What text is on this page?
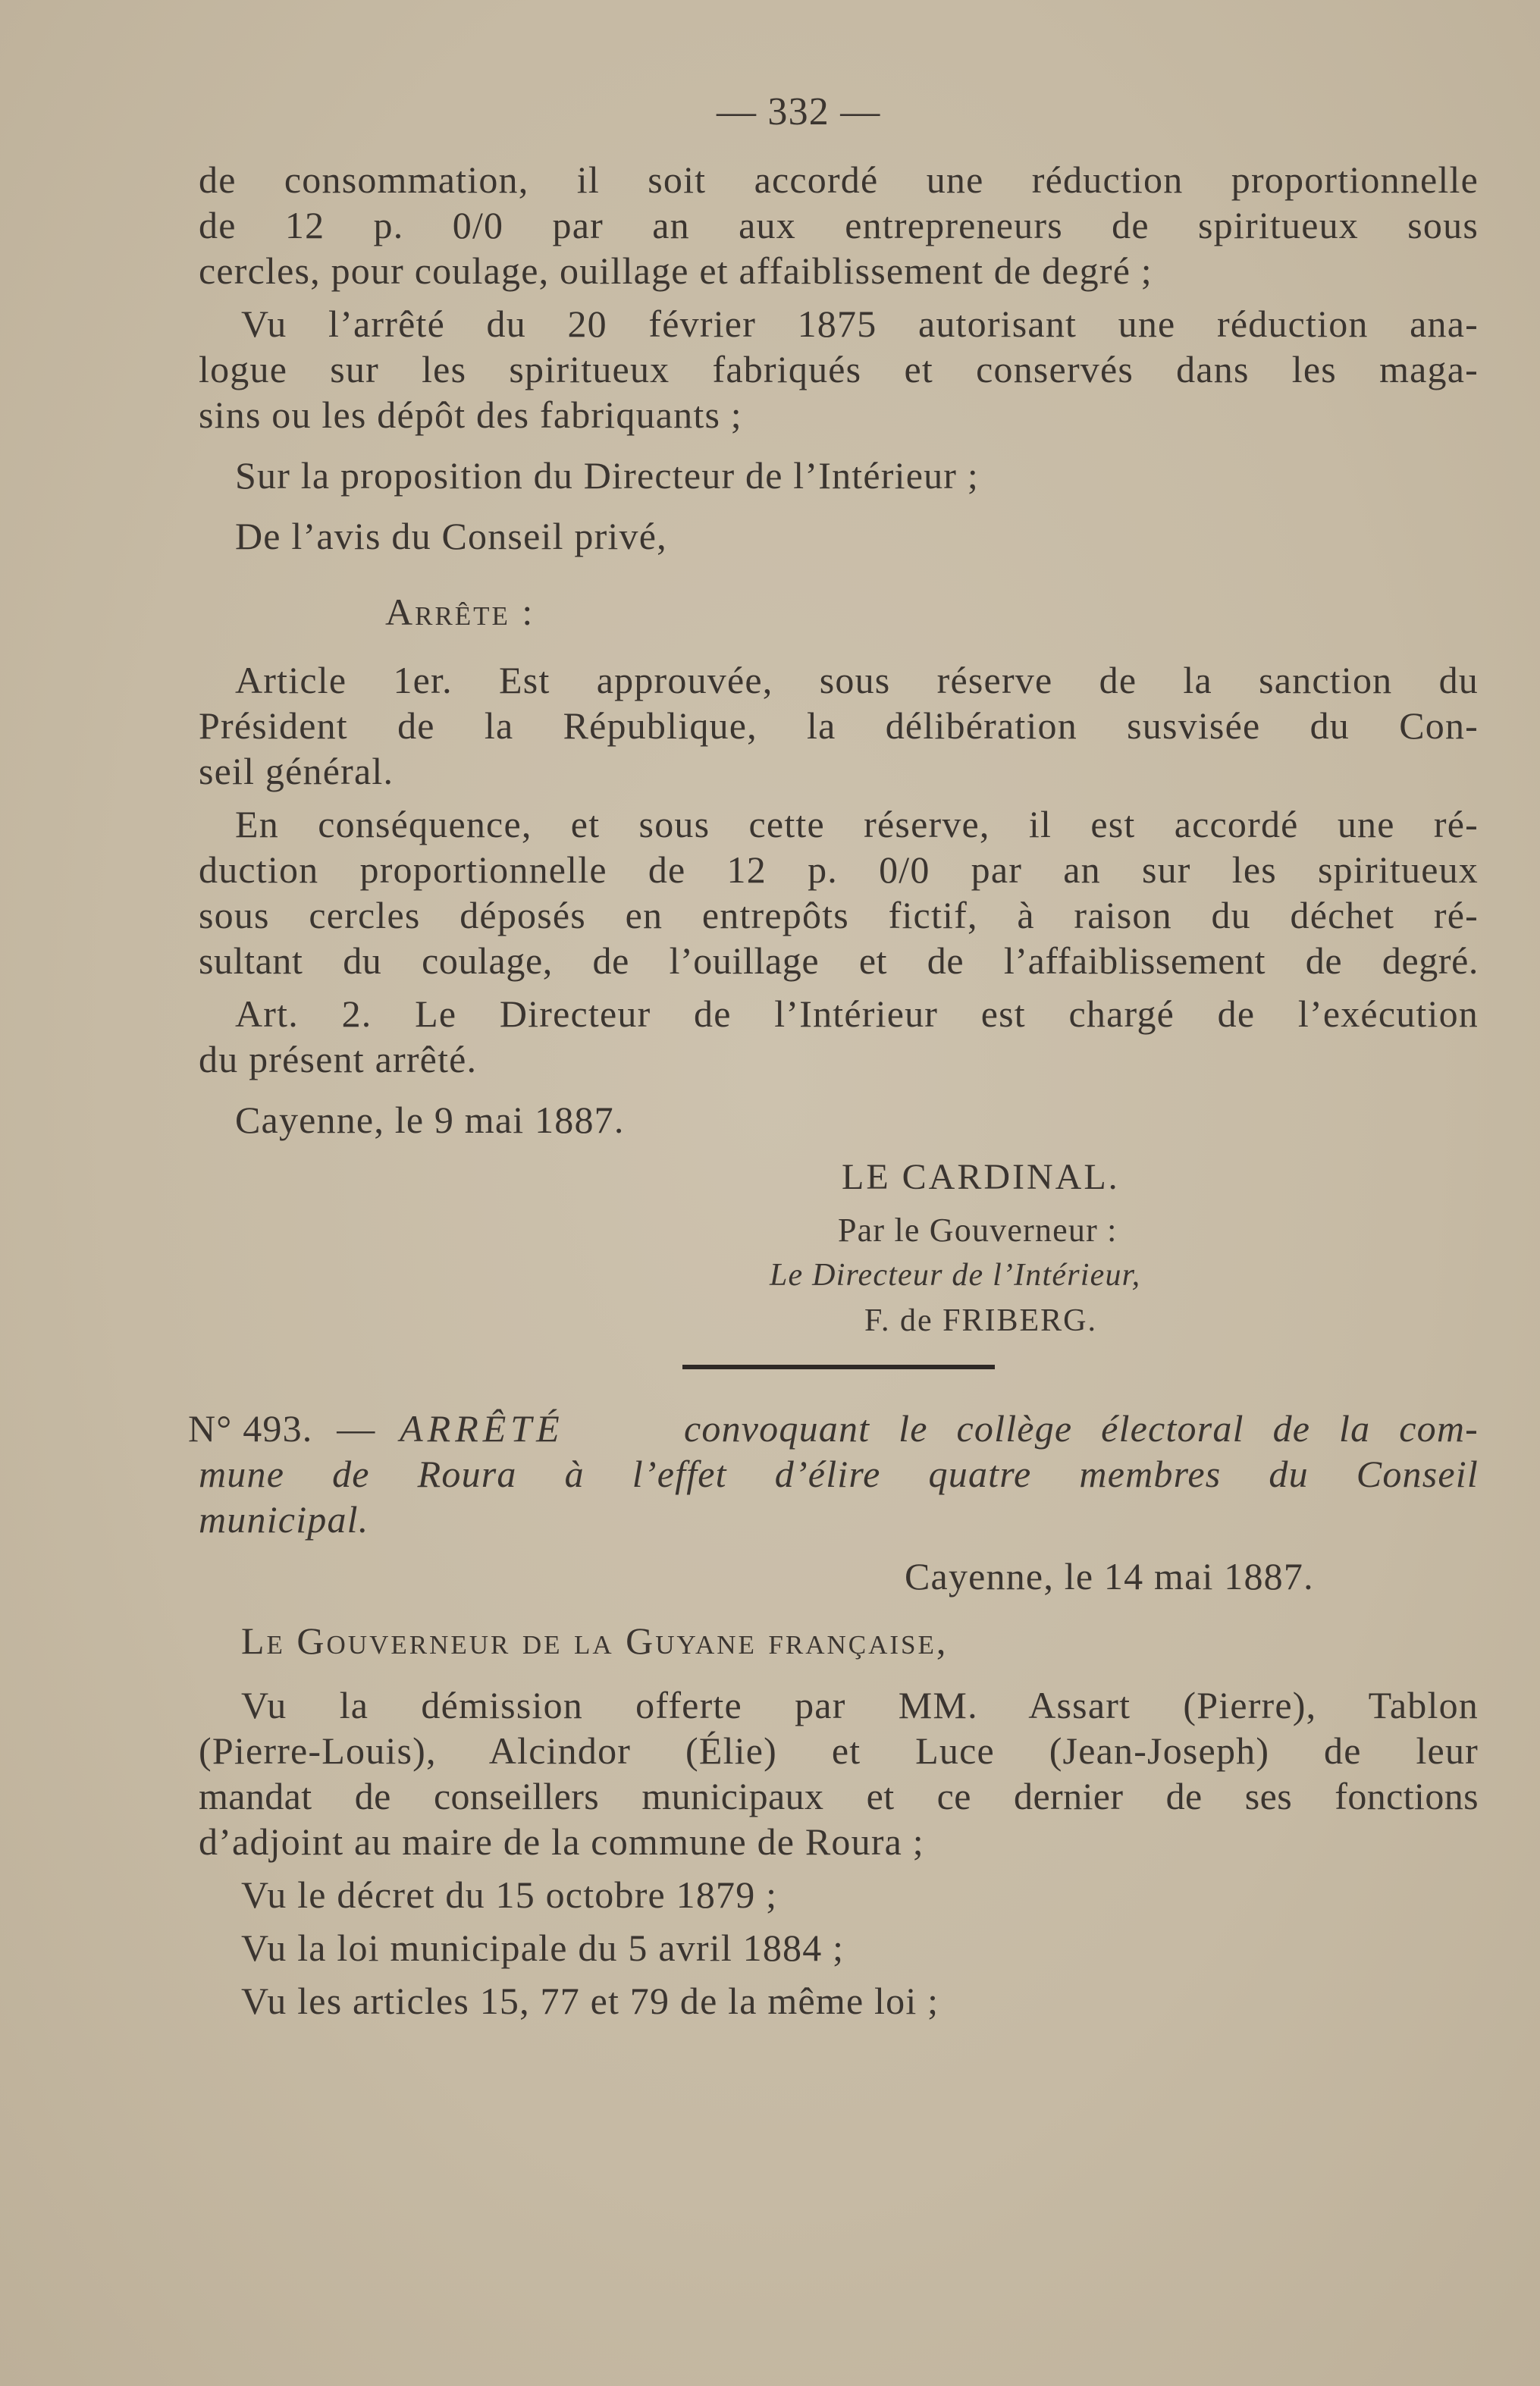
— 332 —
de consommation, il soit accordé une réduction proportionnelle
de 12 p. 0/0 par an aux entrepreneurs de spiritueux sous
cercles, pour coulage, ouillage et affaiblissement de degré ;
Vu l’arrêté du 20 février 1875 autorisant une réduction ana-
logue sur les spiritueux fabriqués et conservés dans les maga-
sins ou les dépôt des fabriquants ;
Sur la proposition du Directeur de l’Intérieur ;
De l’avis du Conseil privé,
Arrête :
Article 1er. Est approuvée, sous réserve de la sanction du
Président de la République, la délibération susvisée du Con-
seil général.
En conséquence, et sous cette réserve, il est accordé une ré-
duction proportionnelle de 12 p. 0/0 par an sur les spiritueux
sous cercles déposés en entrepôts fictif, à raison du déchet ré-
sultant du coulage, de l’ouillage et de l’affaiblissement de degré.
Art. 2. Le Directeur de l’Intérieur est chargé de l’exécution
du présent arrêté.
Cayenne, le 9 mai 1887.
LE CARDINAL.
Par le Gouverneur :
Le Directeur de l’Intérieur,
F. de FRIBERG.
N° 493. — ARRÊTÉ	convoquant le collège électoral de la com-
mune de Roura à l’effet d’élire quatre membres du Conseil
municipal.
Cayenne, le 14 mai 1887.
Le Gouverneur de la Guyane française,
Vu la démission offerte par MM. Assart (Pierre), Tablon
(Pierre-Louis), Alcindor (Élie) et Luce (Jean-Joseph) de leur
mandat de conseillers municipaux et ce dernier de ses fonctions
d’adjoint au maire de la commune de Roura ;
Vu le décret du 15 octobre 1879 ;
Vu la loi municipale du 5 avril 1884 ;
Vu les articles 15, 77 et 79 de la même loi ;
